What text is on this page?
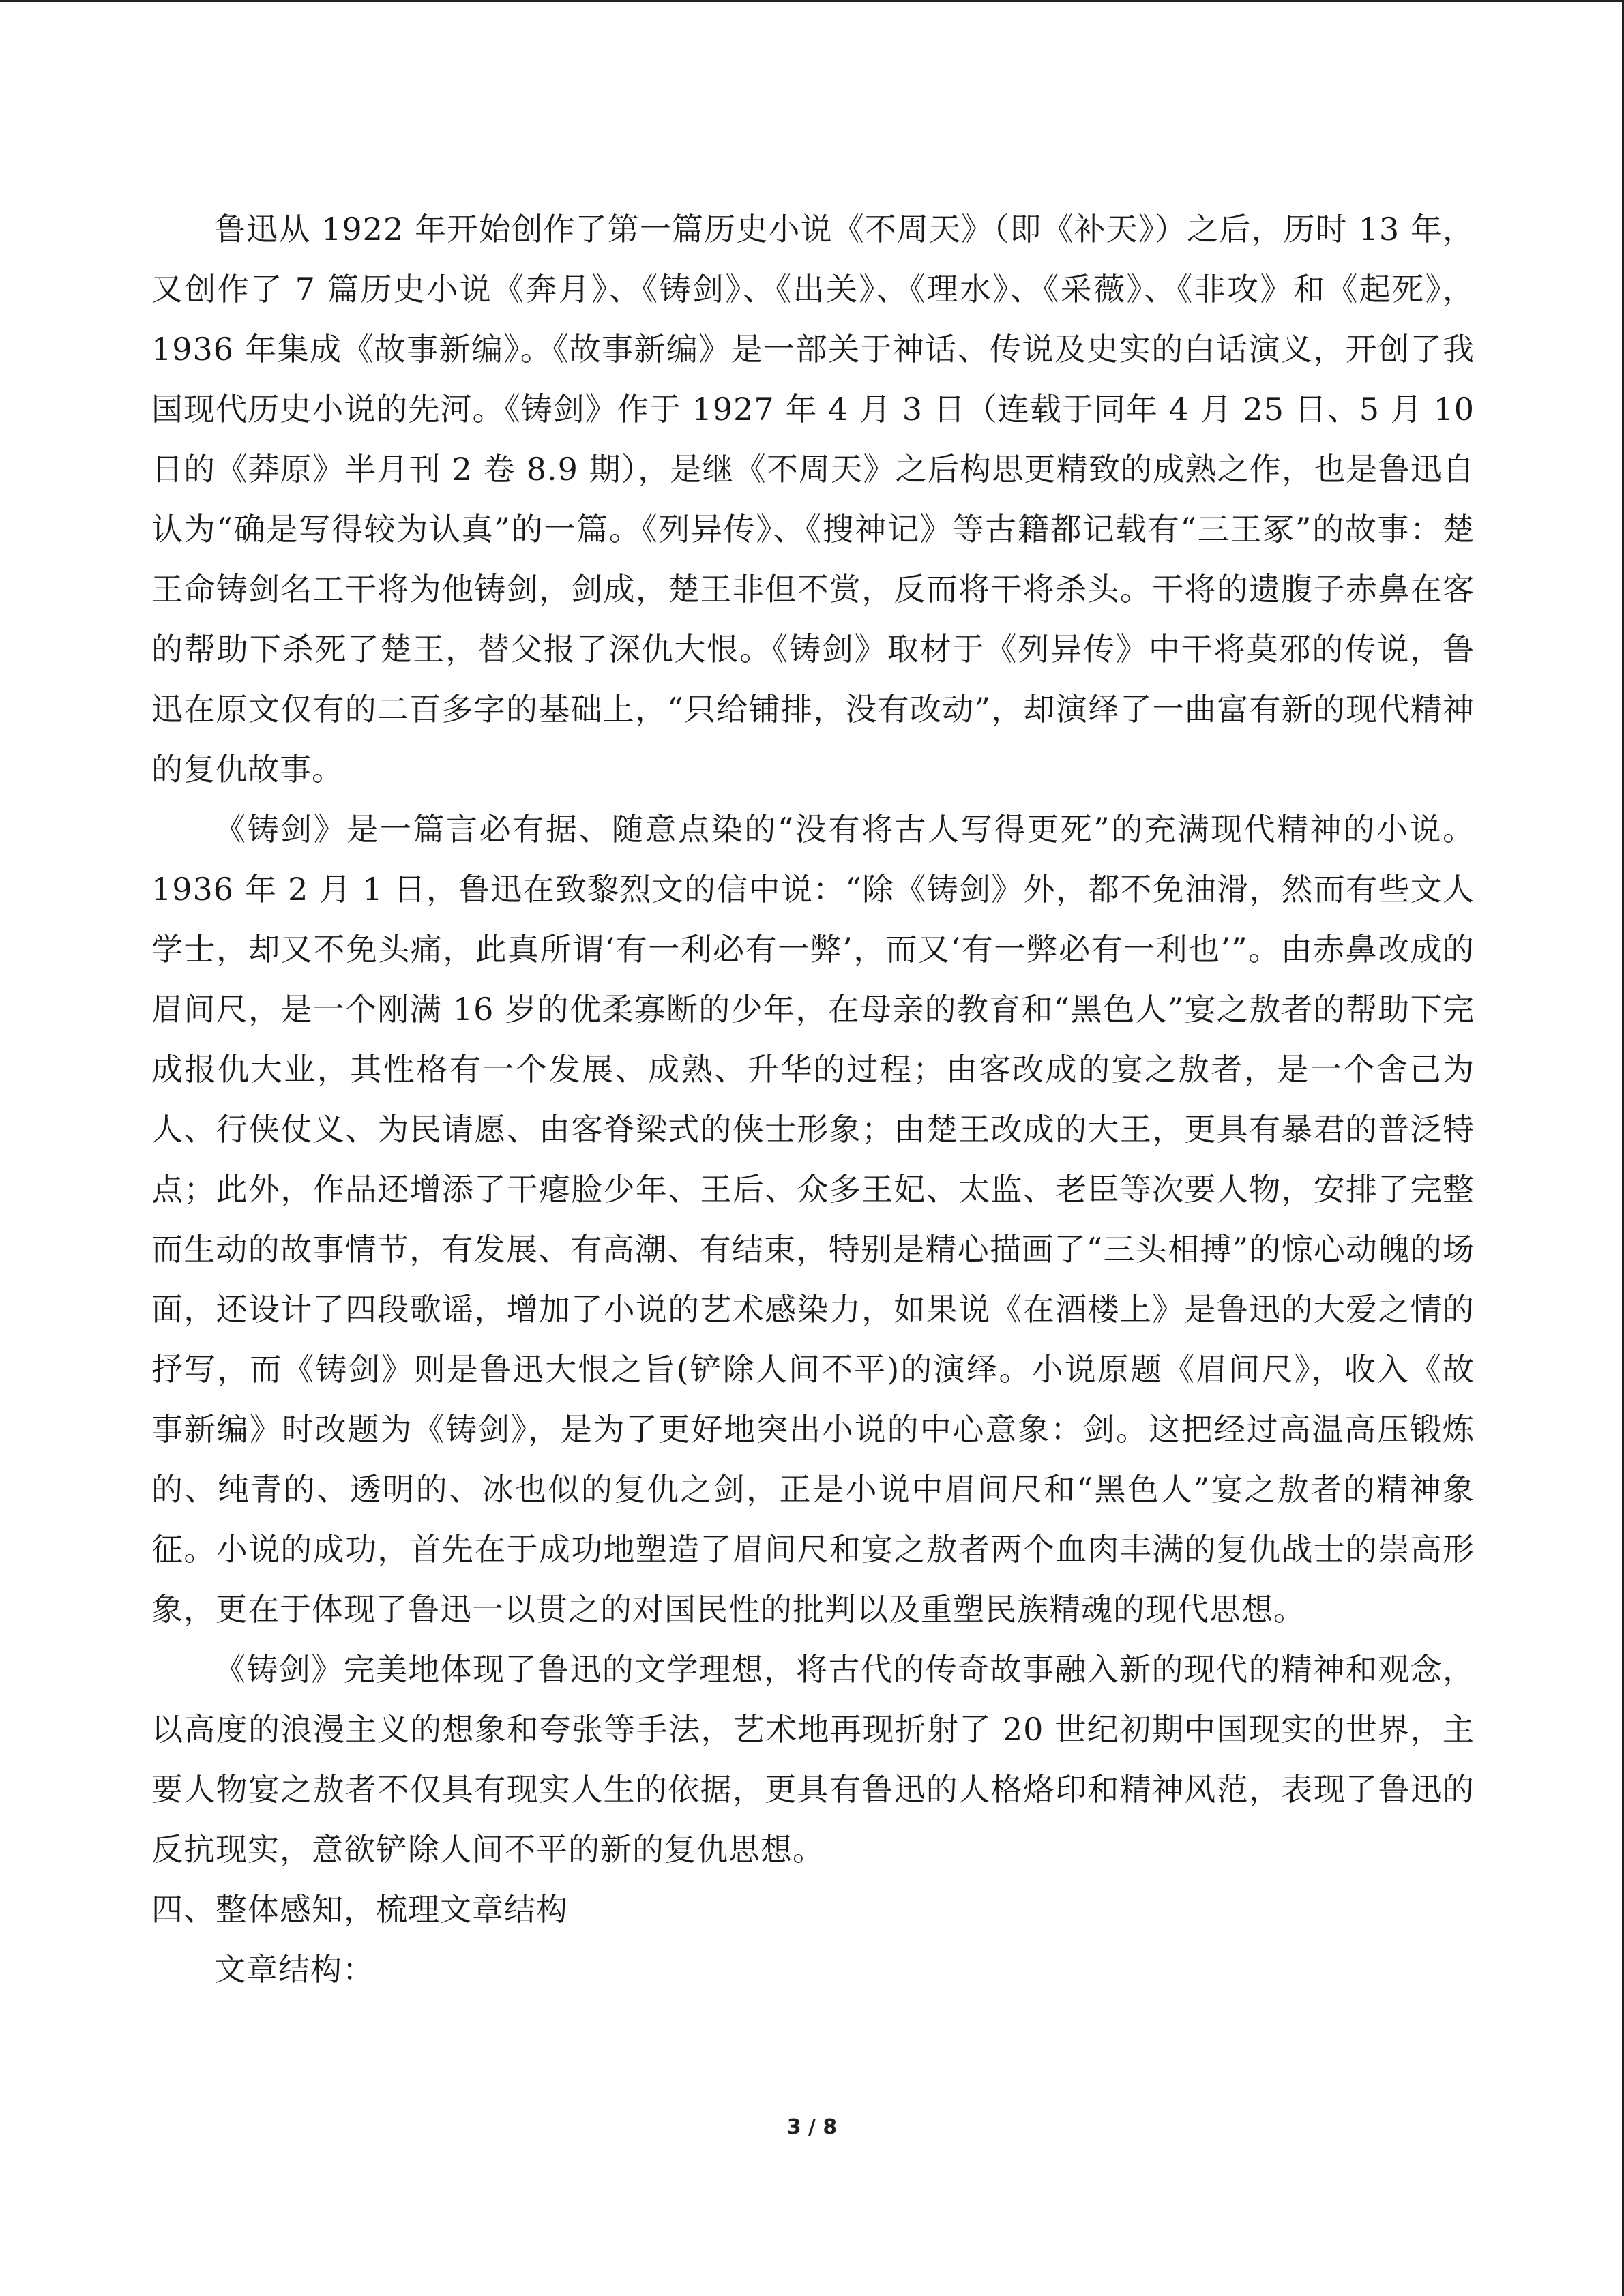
鲁迅从 1922 年开始创作了第一篇历史小说《不周天》（即《补天》）之后，历时 13 年，又创作了 7 篇历史小说《奔月》、《铸剑》、《出关》、《理水》、《采薇》、《非攻》和《起死》，1936 年集成《故事新编》。《故事新编》是一部关于神话、传说及史实的白话演义，开创了我国现代历史小说的先河。《铸剑》作于 1927 年 4 月 3 日（连载于同年 4 月 25 日、5 月 10 日的《莽原》半月刊 2 卷 8.9 期），是继《不周天》之后构思更精致的成熟之作，也是鲁迅自认为“确是写得较为认真”的一篇。《列异传》、《搜神记》等古籍都记载有“三王冢”的故事：楚王命铸剑名工干将为他铸剑，剑成，楚王非但不赏，反而将干将杀头。干将的遗腹子赤鼻在客的帮助下杀死了楚王，替父报了深仇大恨。《铸剑》取材于《列异传》中干将莫邪的传说，鲁迅在原文仅有的二百多字的基础上，“只给铺排，没有改动”，却演绎了一曲富有新的现代精神的复仇故事。

《铸剑》是一篇言必有据、随意点染的“没有将古人写得更死”的充满现代精神的小说。1936 年 2 月 1 日，鲁迅在致黎烈文的信中说：“除《铸剑》外，都不免油滑，然而有些文人学士，却又不免头痛，此真所谓‘有一利必有一弊’，而又‘有一弊必有一利也’”。由赤鼻改成的眉间尺，是一个刚满 16 岁的优柔寡断的少年，在母亲的教育和“黑色人”宴之敖者的帮助下完成报仇大业，其性格有一个发展、成熟、升华的过程；由客改成的宴之敖者，是一个舍己为人、行侠仗义、为民请愿、由客脊梁式的侠士形象；由楚王改成的大王，更具有暴君的普泛特点；此外，作品还增添了干瘪脸少年、王后、众多王妃、太监、老臣等次要人物，安排了完整而生动的故事情节，有发展、有高潮、有结束，特别是精心描画了“三头相搏”的惊心动魄的场面，还设计了四段歌谣，增加了小说的艺术感染力，如果说《在酒楼上》是鲁迅的大爱之情的抒写，而《铸剑》则是鲁迅大恨之旨(铲除人间不平)的演绎。小说原题《眉间尺》，收入《故事新编》时改题为《铸剑》，是为了更好地突出小说的中心意象：剑。这把经过高温高压锻炼的、纯青的、透明的、冰也似的复仇之剑，正是小说中眉间尺和“黑色人”宴之敖者的精神象征。小说的成功，首先在于成功地塑造了眉间尺和宴之敖者两个血肉丰满的复仇战士的崇高形象，更在于体现了鲁迅一以贯之的对国民性的批判以及重塑民族精魂的现代思想。

《铸剑》完美地体现了鲁迅的文学理想，将古代的传奇故事融入新的现代的精神和观念，以高度的浪漫主义的想象和夸张等手法，艺术地再现折射了 20 世纪初期中国现实的世界，主要人物宴之敖者不仅具有现实人生的依据，更具有鲁迅的人格烙印和精神风范，表现了鲁迅的反抗现实，意欲铲除人间不平的新的复仇思想。

四、整体感知，梳理文章结构

文章结构：

3 / 8
